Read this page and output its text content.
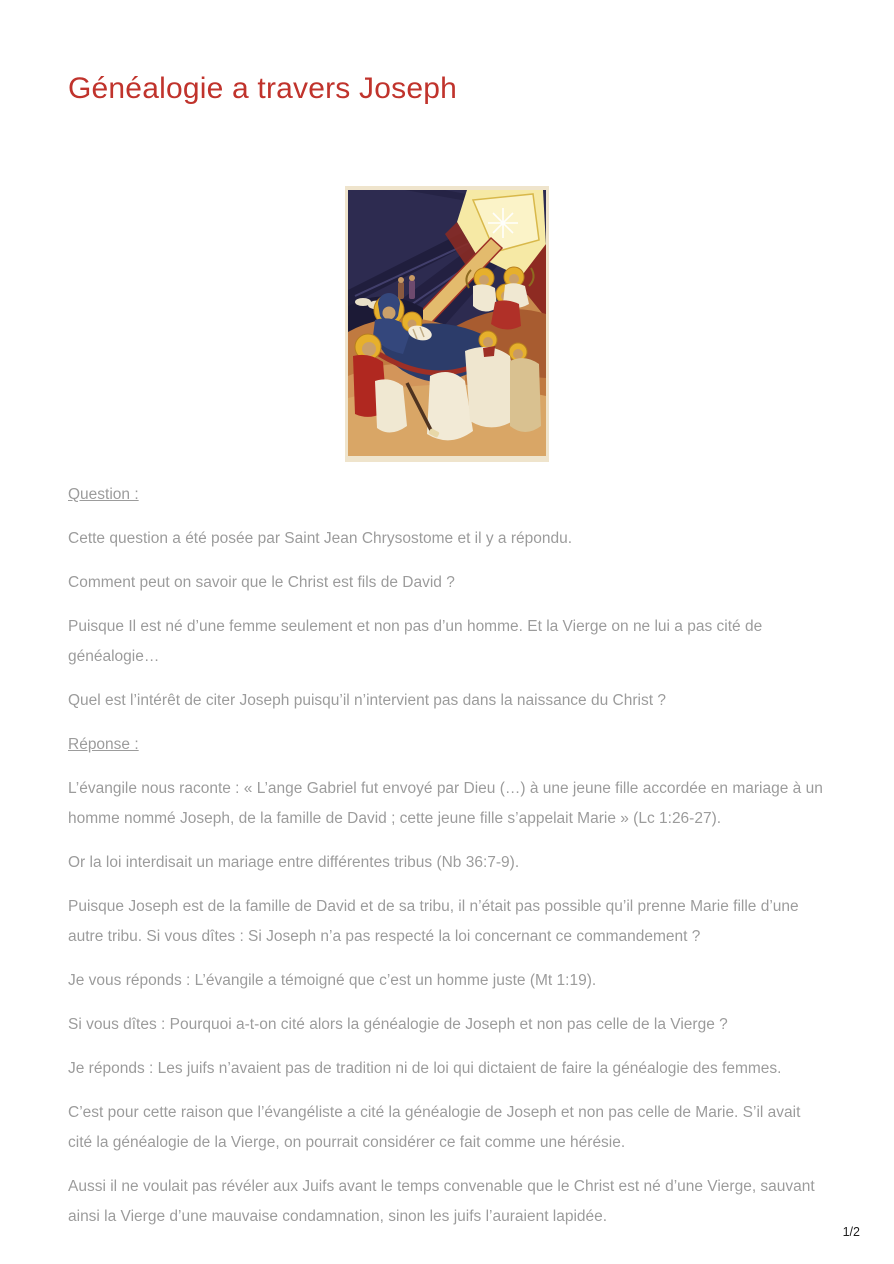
Généalogie a travers Joseph

Question :

Cette question a été posée par Saint Jean Chrysostome et il y a répondu.

Comment peut on savoir que le Christ est fils de David ?

Puisque Il est né d’une femme seulement et non pas d’un homme. Et la Vierge on ne lui a pas cité de généalogie…

Quel est l’intérêt de citer Joseph puisqu’il n’intervient pas dans la naissance du Christ ?

Réponse :

L’évangile nous raconte : « L’ange Gabriel fut envoyé par Dieu (…) à une jeune fille accordée en mariage à un homme nommé Joseph, de la famille de David ; cette jeune fille s’appelait Marie » (Lc 1:26-27).

Or la loi interdisait un mariage entre différentes tribus (Nb 36:7-9).

Puisque Joseph est de la famille de David et de sa tribu, il n’était pas possible qu’il prenne Marie fille d’une autre tribu. Si vous dîtes : Si Joseph n’a pas respecté la loi concernant ce commandement ?

Je vous réponds : L’évangile a témoigné que c’est un homme juste (Mt 1:19).

Si vous dîtes : Pourquoi a-t-on cité alors la généalogie de Joseph et non pas celle de la Vierge ?

Je réponds : Les juifs n’avaient pas de tradition ni de loi qui dictaient de faire la généalogie des femmes.

C’est pour cette raison que l’évangéliste a cité la généalogie de Joseph et non pas celle de Marie. S’il avait cité la généalogie de la Vierge, on pourrait considérer ce fait comme une hérésie.

Aussi il ne voulait pas révéler aux Juifs avant le temps convenable que le Christ est né d’une Vierge, sauvant ainsi la Vierge d’une mauvaise condamnation, sinon les juifs l’auraient lapidée.

1/2
